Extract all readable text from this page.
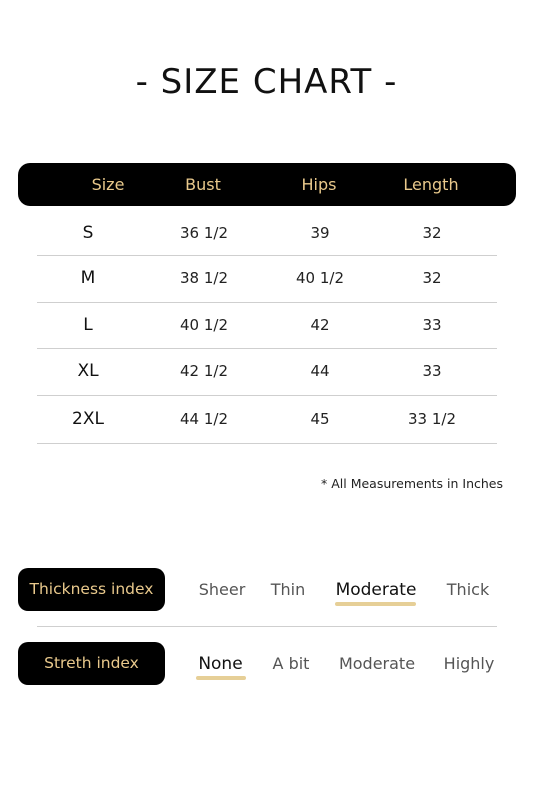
- SIZE CHART -
Size	Bust	Hips	Length
S	36 1/2	39	32
M	38 1/2	40 1/2	32
L	40 1/2	42	33
XL	42 1/2	44	33
2XL	44 1/2	45	33 1/2
* All Measurements in Inches
Thickness index	Sheer	Thin	Moderate	Thick
Streth index	None	A bit	Moderate	Highly
